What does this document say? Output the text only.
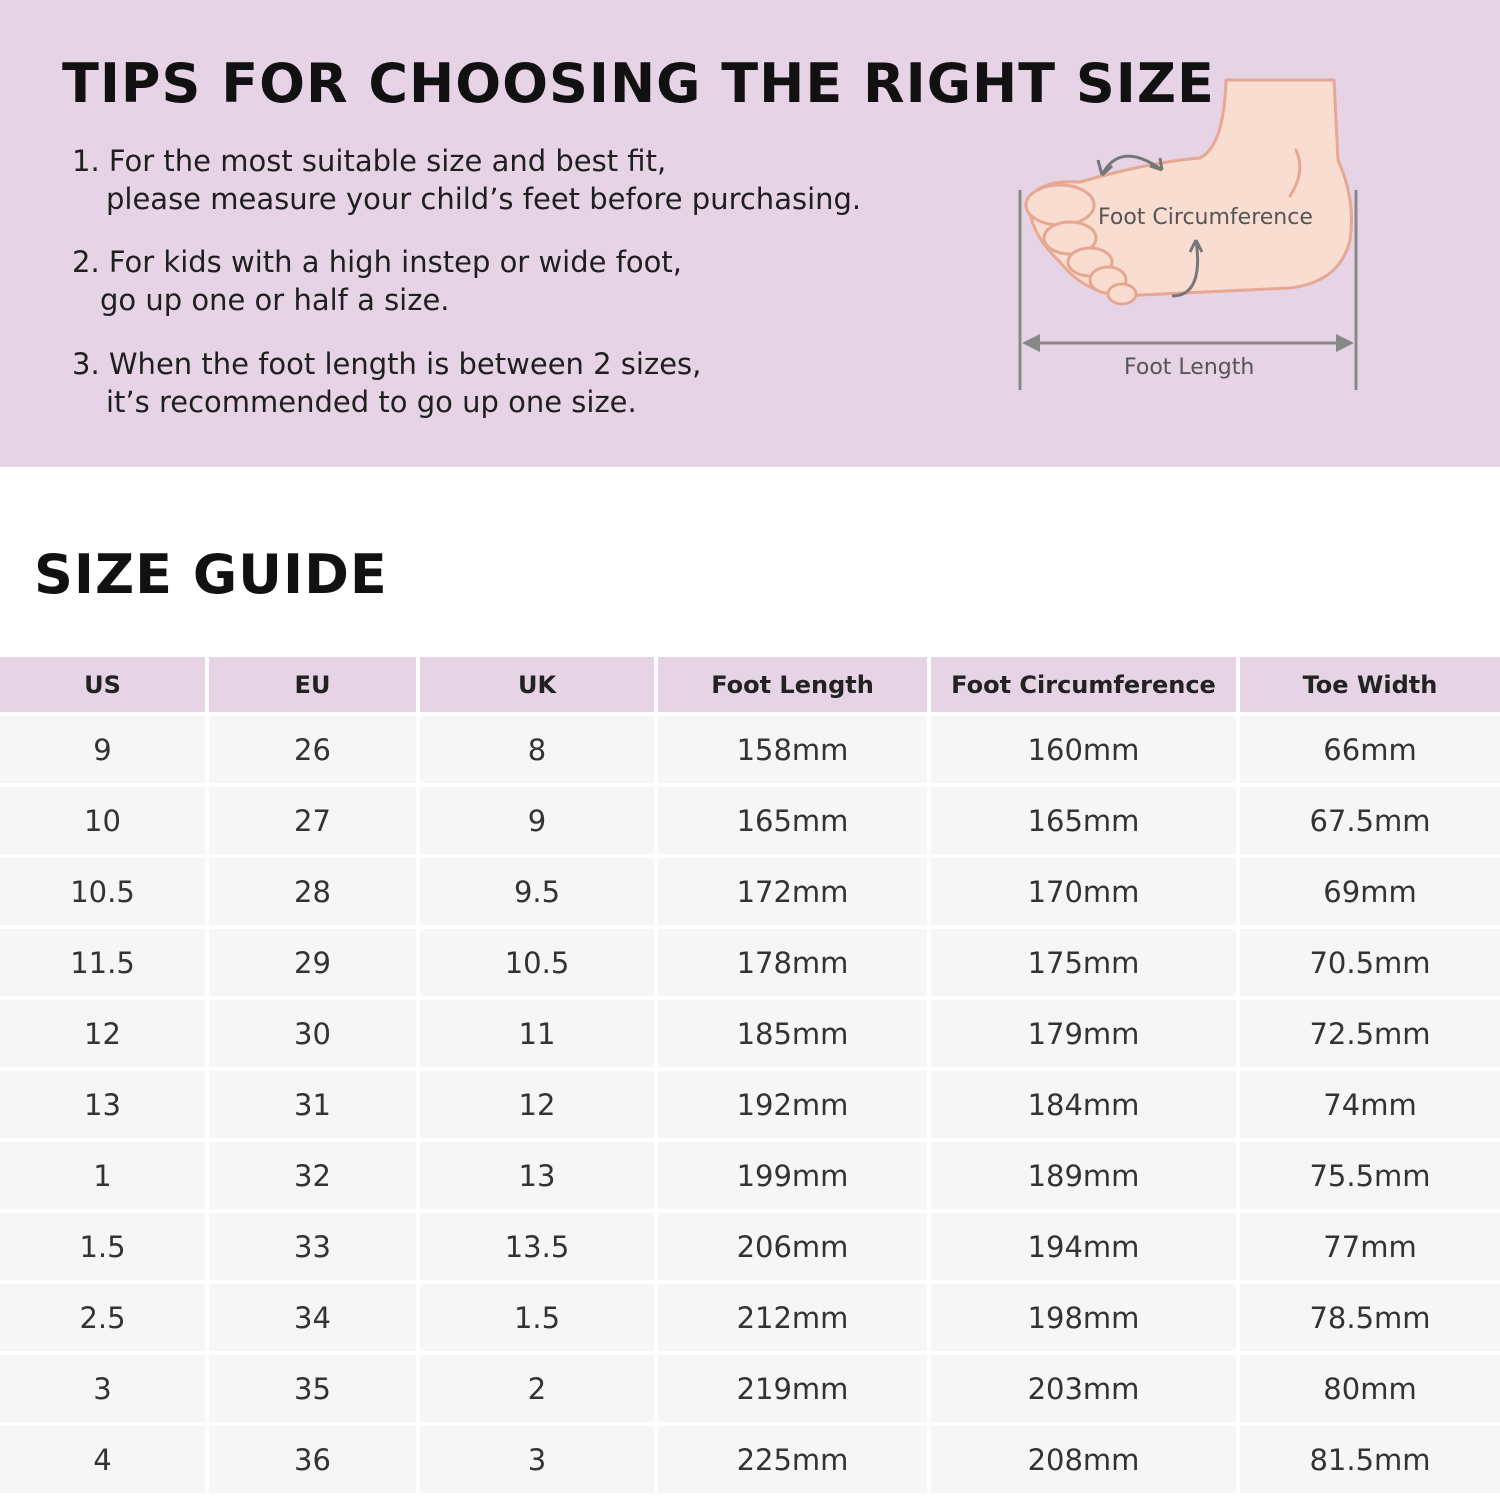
TIPS FOR CHOOSING THE RIGHT SIZE
1. For the most suitable size and best fit,
please measure your child’s feet before purchasing.
2. For kids with a high instep or wide foot,
go up one or half a size.
3. When the foot length is between 2 sizes,
it’s recommended to go up one size.
Foot Circumference
Foot Length
SIZE GUIDE
US	EU	UK	Foot Length	Foot Circumference	Toe Width
9	26	8	158mm	160mm	66mm
10	27	9	165mm	165mm	67.5mm
10.5	28	9.5	172mm	170mm	69mm
11.5	29	10.5	178mm	175mm	70.5mm
12	30	11	185mm	179mm	72.5mm
13	31	12	192mm	184mm	74mm
1	32	13	199mm	189mm	75.5mm
1.5	33	13.5	206mm	194mm	77mm
2.5	34	1.5	212mm	198mm	78.5mm
3	35	2	219mm	203mm	80mm
4	36	3	225mm	208mm	81.5mm
